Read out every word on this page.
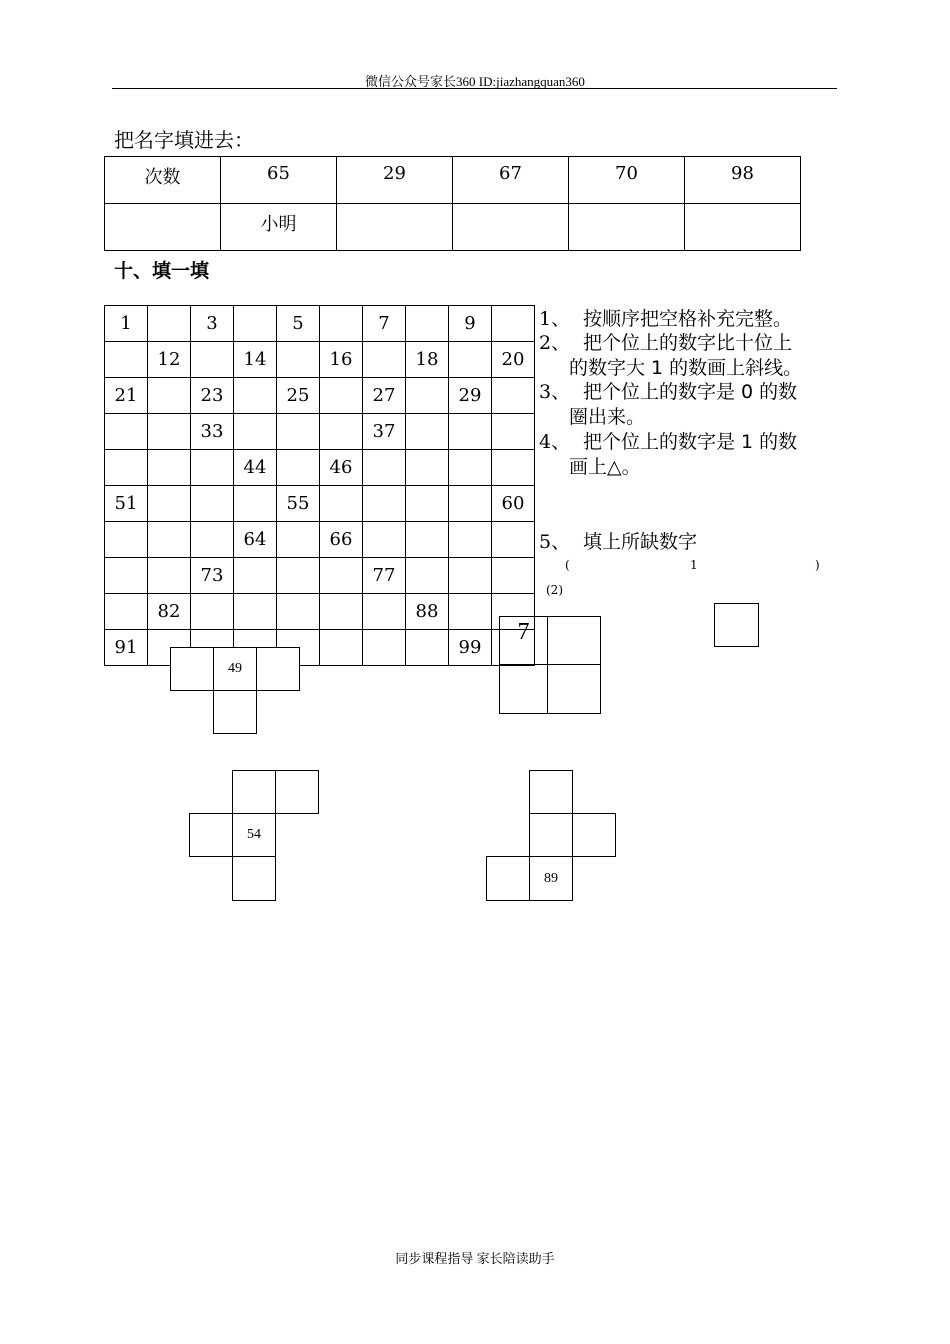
微信公众号家长360 ID:jiazhangquan360
把名字填进去：
次数	65	29	67	70	98
	小明				
十、填一填
1		3		5		7		9	
	12		14		16		18		20
21		23		25		27		29	
		33				37			
			44		46				
51				55					60
			64		66				
		73				77			
	82						88		
91								99	
1、 按顺序把空格补充完整。
2、 把个位上的数字比十位上
的数字大 1 的数画上斜线。
3、 把个位上的数字是 0 的数
圈出来。
4、 把个位上的数字是 1 的数
画上△。
5、 填上所缺数字
(	1	)
(2)
49
7
54
89
同步课程指导 家长陪读助手
